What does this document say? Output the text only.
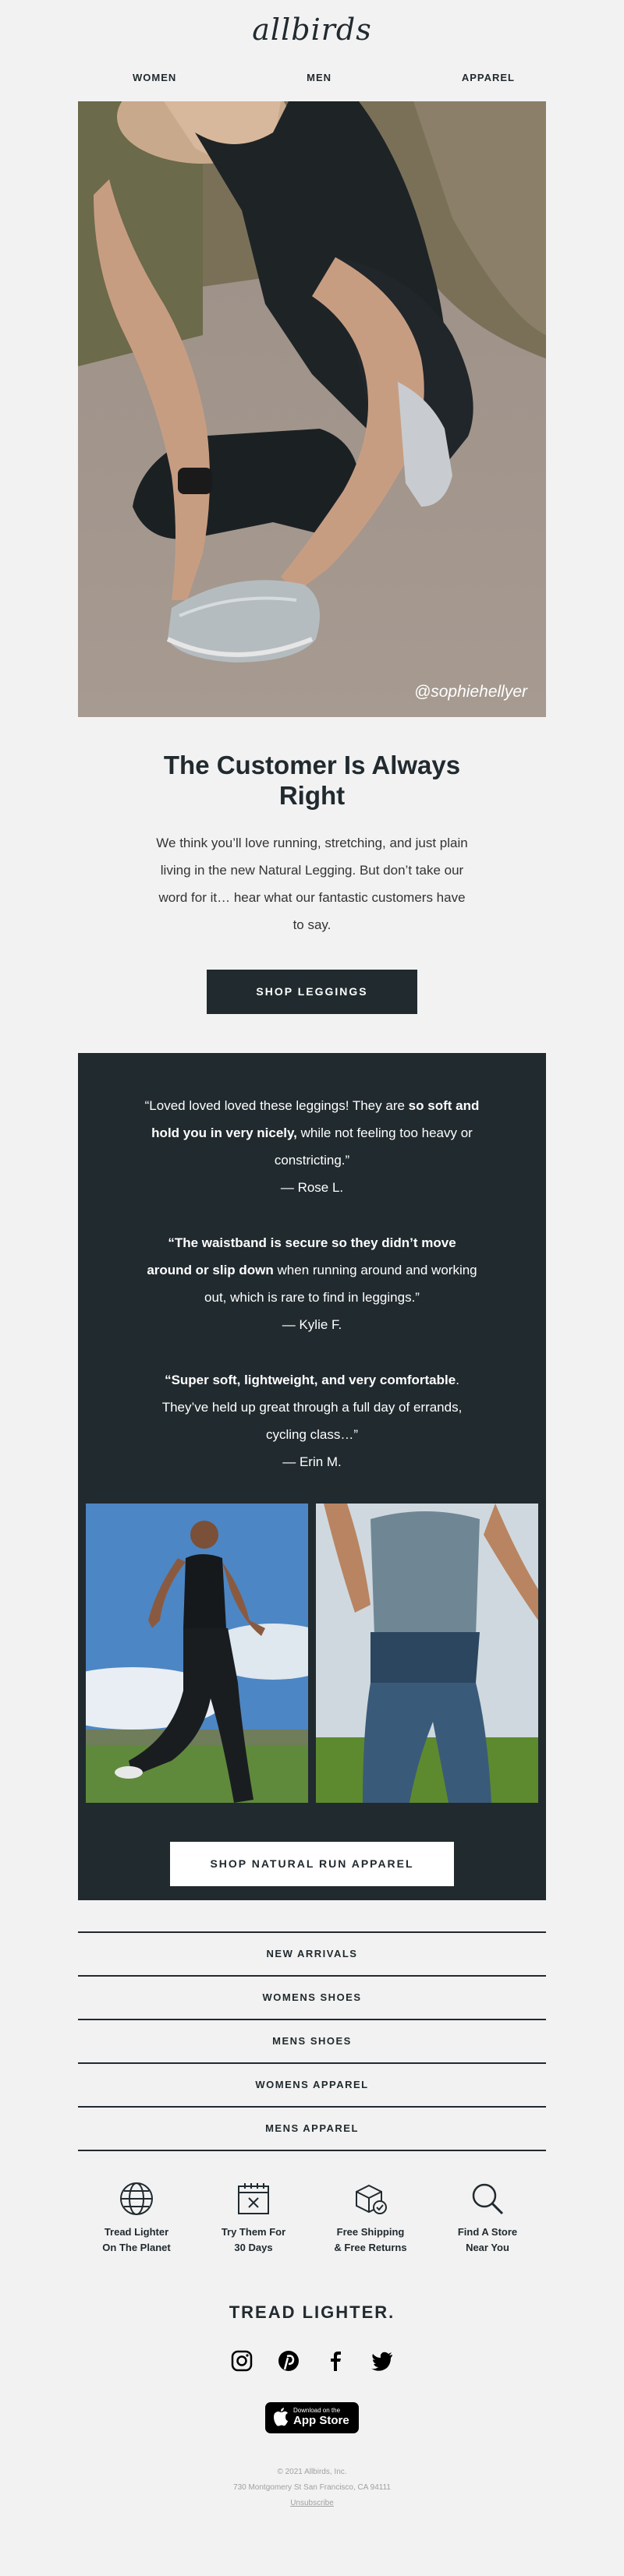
allbirds
WOMEN	MEN	APPAREL
@sophiehellyer
The Customer Is Always Right

We think you’ll love running, stretching, and just plain living in the new Natural Legging. But don’t take our word for it… hear what our fantastic customers have to say.

SHOP LEGGINGS
“Loved loved loved these leggings! They are so soft and hold you in very nicely, while not feeling too heavy or constricting.”
— Rose L.
“The waistband is secure so they didn’t move around or slip down when running around and working out, which is rare to find in leggings.”
— Kylie F.
“Super soft, lightweight, and very comfortable. They’ve held up great through a full day of errands, cycling class…”
— Erin M.
SHOP NATURAL RUN APPAREL
NEW ARRIVALS
WOMENS SHOES
MENS SHOES
WOMENS APPAREL
MENS APPAREL
Tread Lighter
On The Planet
Try Them For
30 Days
Free Shipping
& Free Returns
Find A Store
Near You
TREAD LIGHTER.
Download on the
App Store
© 2021 Allbirds, Inc.
730 Montgomery St San Francisco, CA 94111
Unsubscribe
